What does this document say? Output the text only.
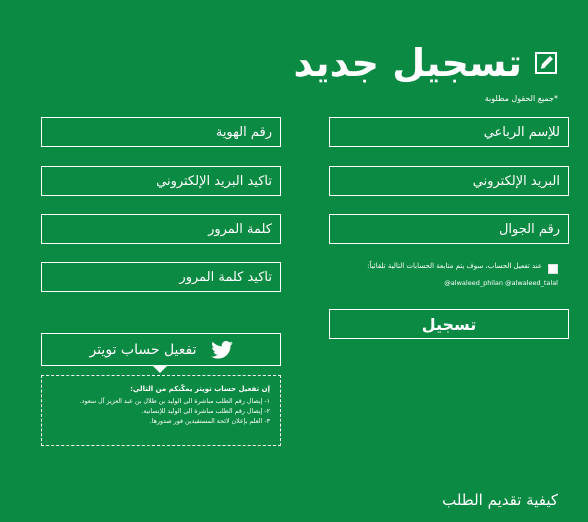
تسجيل جديد
*جميع الحقول مطلوبة
للإسم الرباعي
البريد الإلكتروني
رقم الجوال
رقم الهوية
تأكيد البريد الإلكتروني
عند تفعيل الحساب، سوف يتم متابعة الحسابات التالية تلقائياً:
@alwaleed_philan @alwaleed_talal
تسجيل
تفعيل حساب تويتر
إن تفعيل حساب تويتر يمكّنكم من التالي:
١- إيصال رقم الطلب مباشرة الى الوليد بن طلال بن عبد العزيز آل سعود.
٢- إيصال رقم الطلب مباشرة الى الوليد للإنسانية.
٣- العلم بإعلان لائحة المستفيدين فور صدورها.
كيفية تقديم الطلب
